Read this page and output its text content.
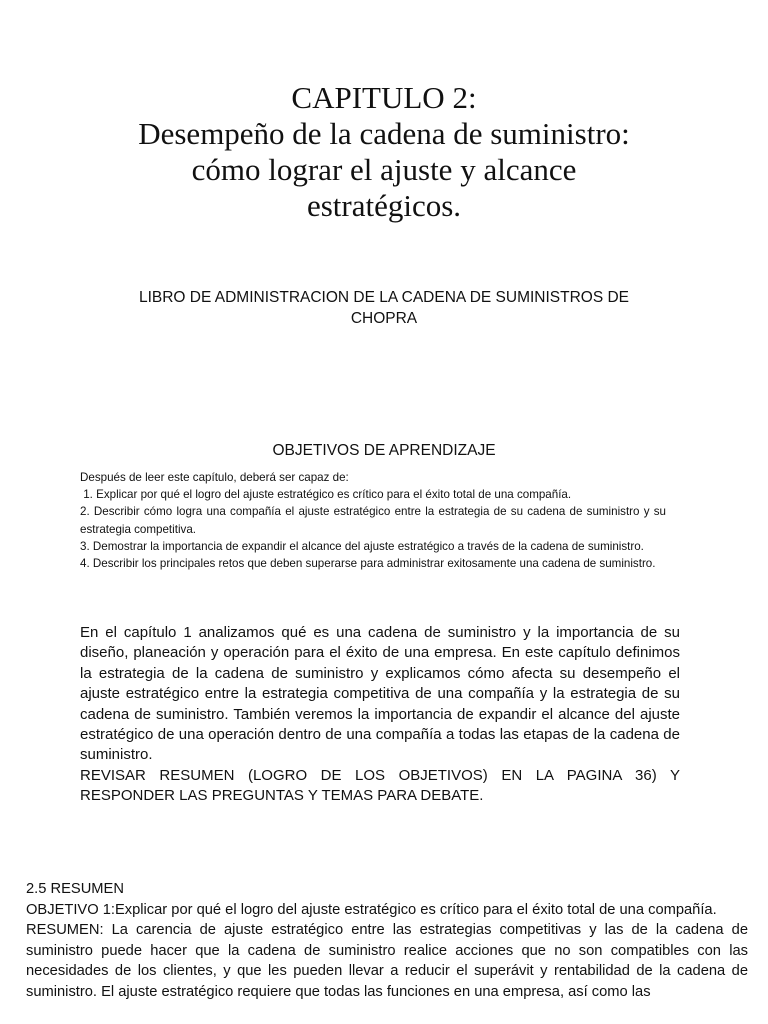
CAPITULO 2:
Desempeño de la cadena de suministro:
cómo lograr el ajuste y alcance
estratégicos.
LIBRO DE ADMINISTRACION DE LA CADENA DE SUMINISTROS DE
CHOPRA
OBJETIVOS DE APRENDIZAJE

Después de leer este capítulo, deberá ser capaz de:

1. Explicar por qué el logro del ajuste estratégico es crítico para el éxito total de una compañía.

2. Describir cómo logra una compañía el ajuste estratégico entre la estrategia de su cadena de suministro y su estrategia competitiva.

3. Demostrar la importancia de expandir el alcance del ajuste estratégico a través de la cadena de suministro.

4. Describir los principales retos que deben superarse para administrar exitosamente una cadena de suministro.

En el capítulo 1 analizamos qué es una cadena de suministro y la importancia de su diseño, planeación y operación para el éxito de una empresa. En este capítulo definimos la estrategia de la cadena de suministro y explicamos cómo afecta su desempeño el ajuste estratégico entre la estrategia competitiva de una compañía y la estrategia de su cadena de suministro. También veremos la importancia de expandir el alcance del ajuste estratégico de una operación dentro de una compañía a todas las etapas de la cadena de suministro.

REVISAR RESUMEN (LOGRO DE LOS OBJETIVOS) EN LA PAGINA 36) Y RESPONDER LAS PREGUNTAS Y TEMAS PARA DEBATE.

2.5 RESUMEN

OBJETIVO 1:Explicar por qué el logro del ajuste estratégico es crítico para el éxito total de una compañía.

RESUMEN: La carencia de ajuste estratégico entre las estrategias competitivas y las de la cadena de suministro puede hacer que la cadena de suministro realice acciones que no son compatibles con las necesidades de los clientes, y que les pueden llevar a reducir el superávit y rentabilidad de la cadena de suministro. El ajuste estratégico requiere que todas las funciones en una empresa, así como las
